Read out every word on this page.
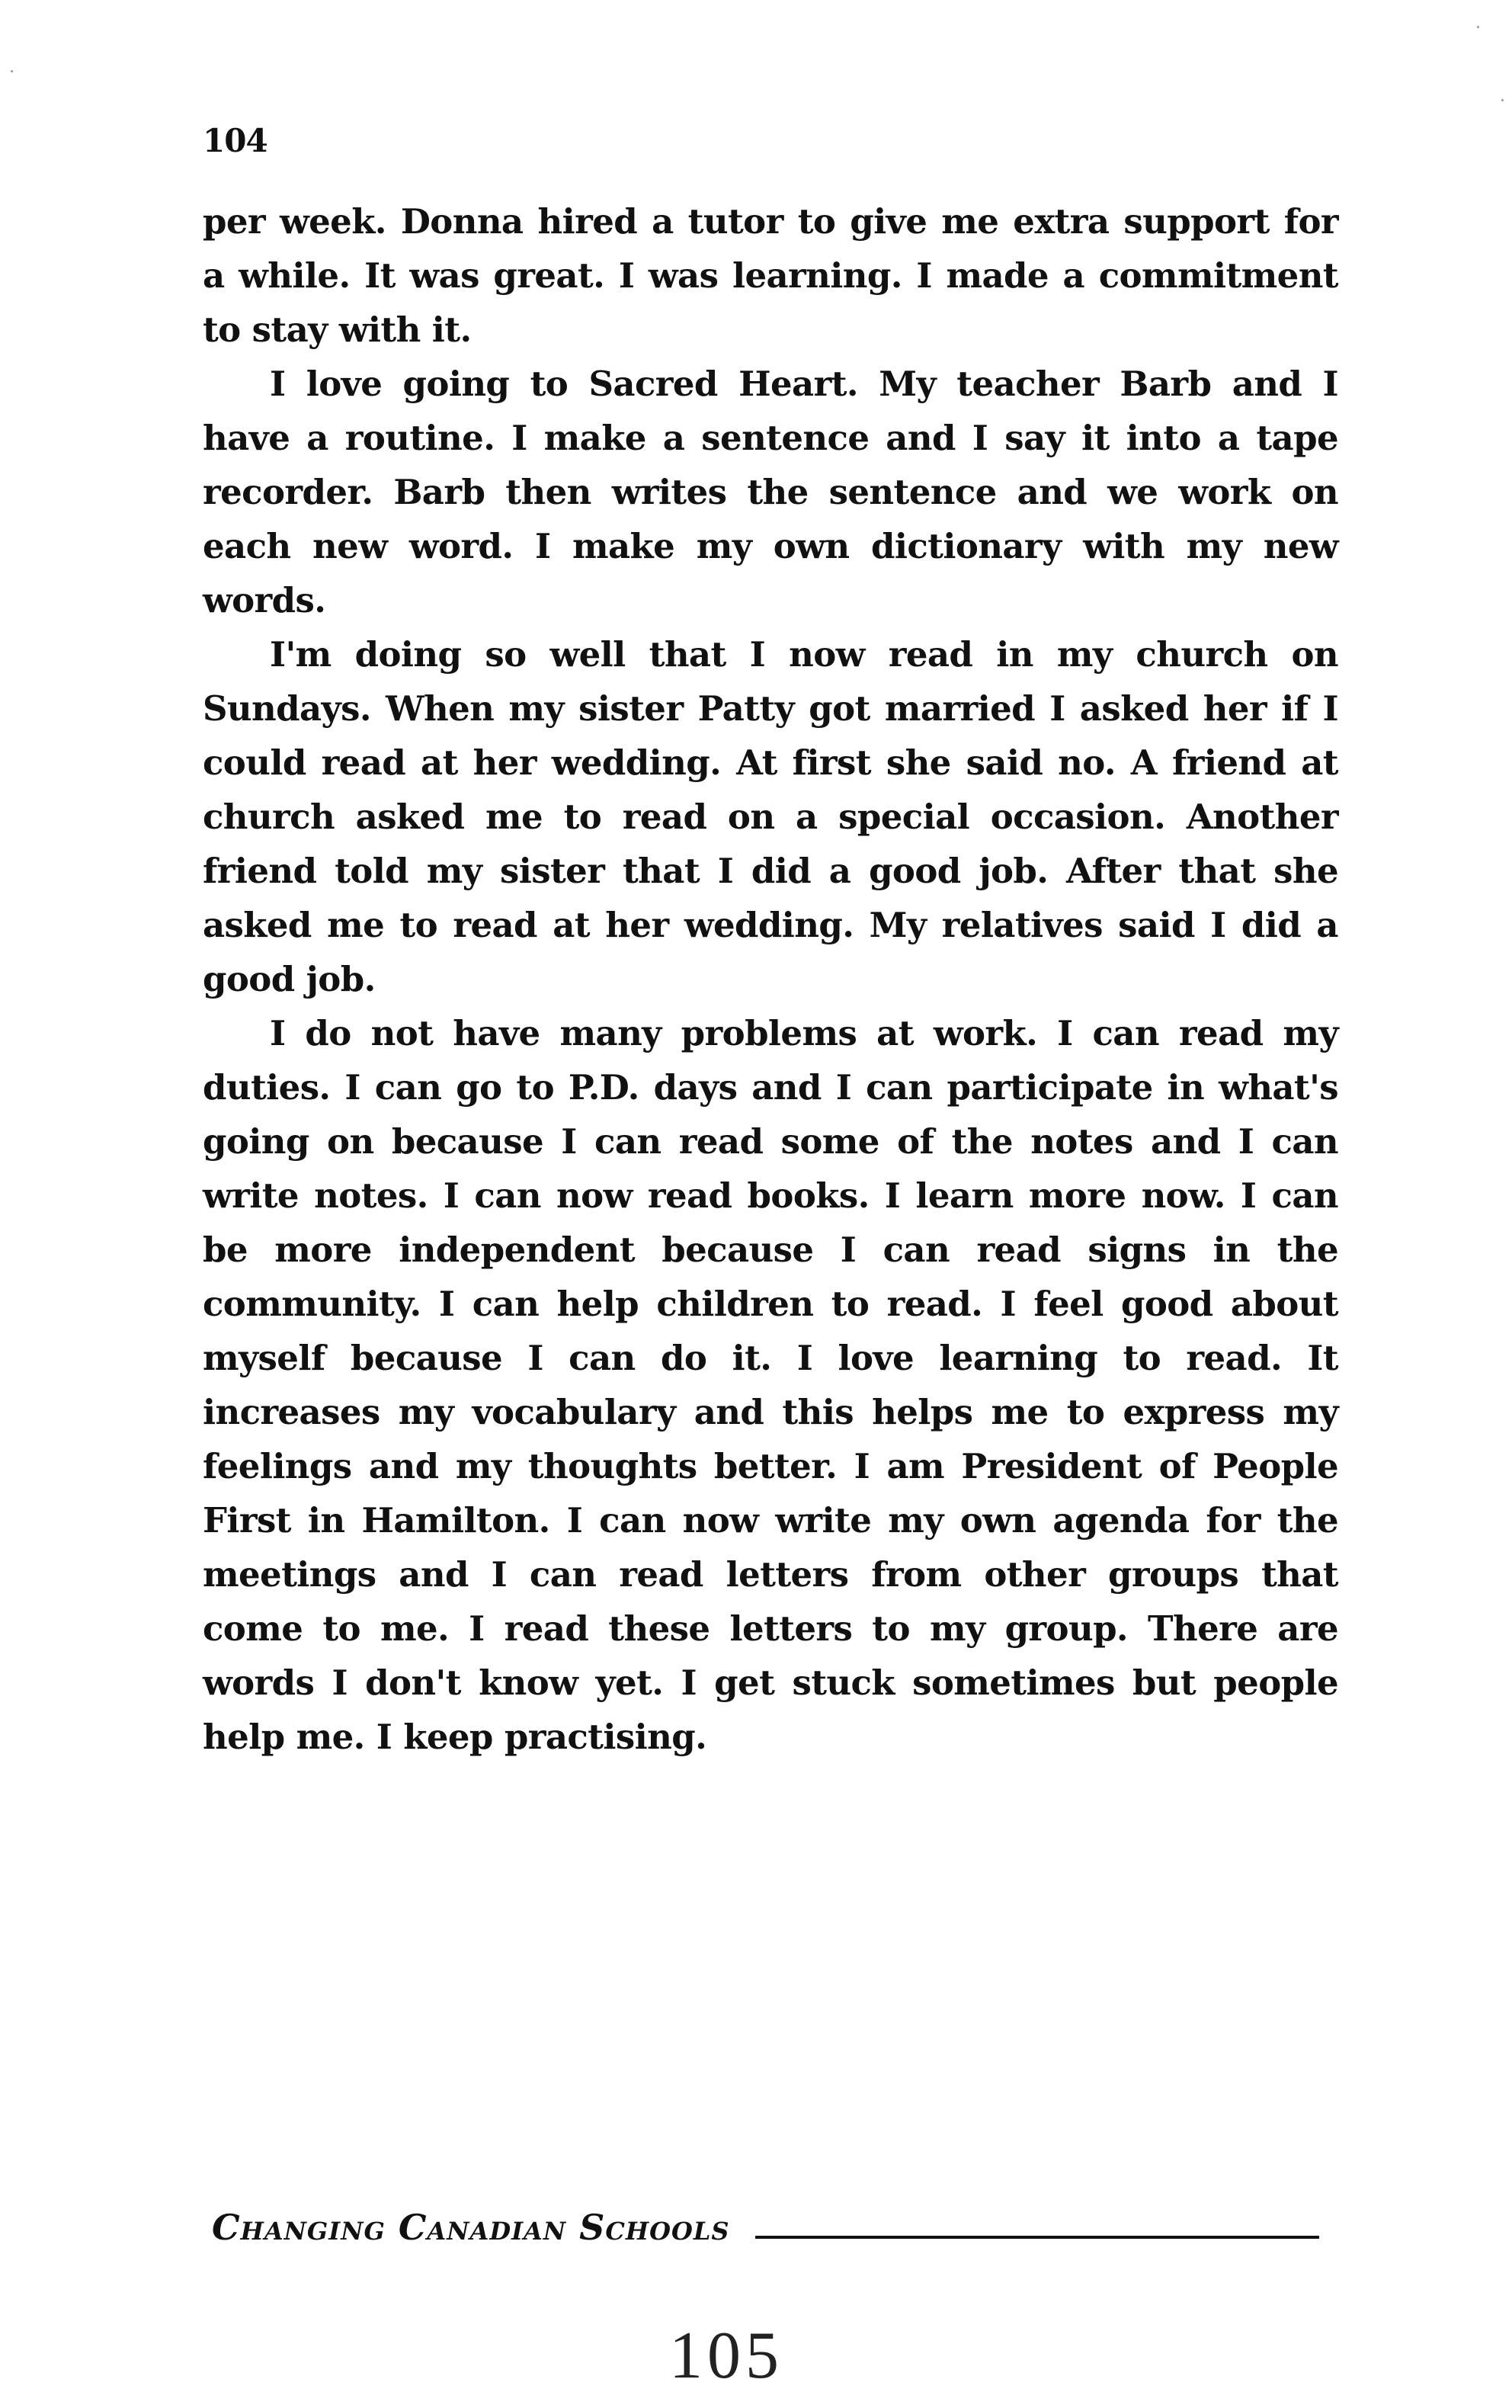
104

per week. Donna hired a tutor to give me extra support for a while. It was great. I was learning. I made a commitment to stay with it.

I love going to Sacred Heart. My teacher Barb and I have a routine. I make a sentence and I say it into a tape recorder. Barb then writes the sentence and we work on each new word. I make my own dictionary with my new words.

I'm doing so well that I now read in my church on Sundays. When my sister Patty got married I asked her if I could read at her wedding. At first she said no. A friend at church asked me to read on a special occasion. Another friend told my sister that I did a good job. After that she asked me to read at her wedding. My relatives said I did a good job.

I do not have many problems at work. I can read my duties. I can go to P.D. days and I can participate in what's going on because I can read some of the notes and I can write notes. I can now read books. I learn more now. I can be more independent because I can read signs in the community. I can help children to read. I feel good about myself because I can do it. I love learning to read. It increases my vocabulary and this helps me to express my feelings and my thoughts better. I am President of People First in Hamilton. I can now write my own agenda for the meetings and I can read letters from other groups that come to me. I read these letters to my group. There are words I don't know yet. I get stuck sometimes but people help me. I keep practising.

Changing Canadian Schools
105
